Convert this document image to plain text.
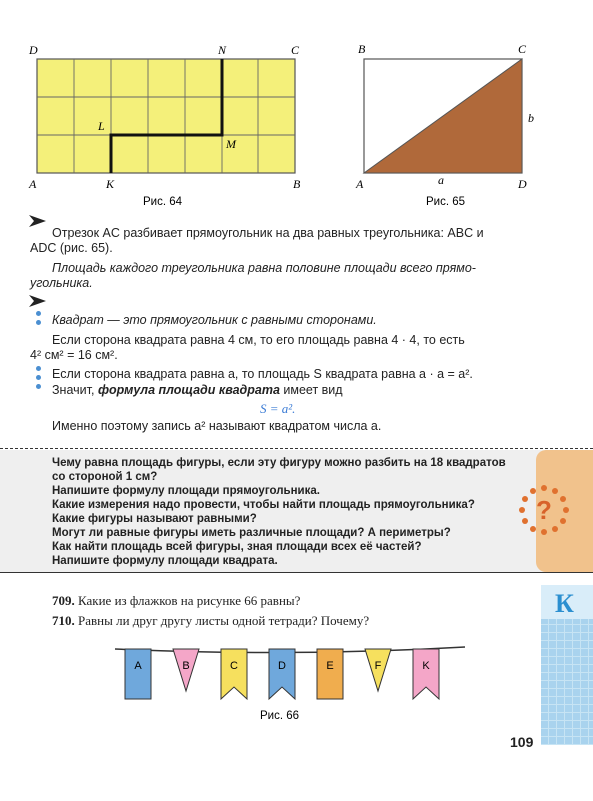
D	N	C
L
M
A	K	B
Рис. 64
B	C
b
A	a	D
Рис. 65
Отрезок AC разбивает прямоугольник на два равных треугольника: ABC и
ADC (рис. 65).
Площадь каждого треугольника равна половине площади всего прямо-
угольника.
Квадрат — это прямоугольник с равными сторонами.
Если сторона квадрата равна 4 см, то его площадь равна 4 · 4, то есть
4² см² = 16 см².
Если сторона квадрата равна a, то площадь S квадрата равна a · a = a².
Значит, формула площади квадрата имеет вид
S = a².
Именно поэтому запись a² называют квадратом числа a.
?
Чему равна площадь фигуры, если эту фигуру можно разбить на 18 квадратов
со стороной 1 см?
Напишите формулу площади прямоугольника.
Какие измерения надо провести, чтобы найти площадь прямоугольника?
Какие фигуры называют равными?
Могут ли равные фигуры иметь различные площади? А периметры?
Как найти площадь всей фигуры, зная площади всех её частей?
Напишите формулу площади квадрата.
709. Какие из флажков на рисунке 66 равны?
710. Равны ли друг другу листы одной тетради? Почему?
К
A	B	C	D	E	F	K
Рис. 66
109
